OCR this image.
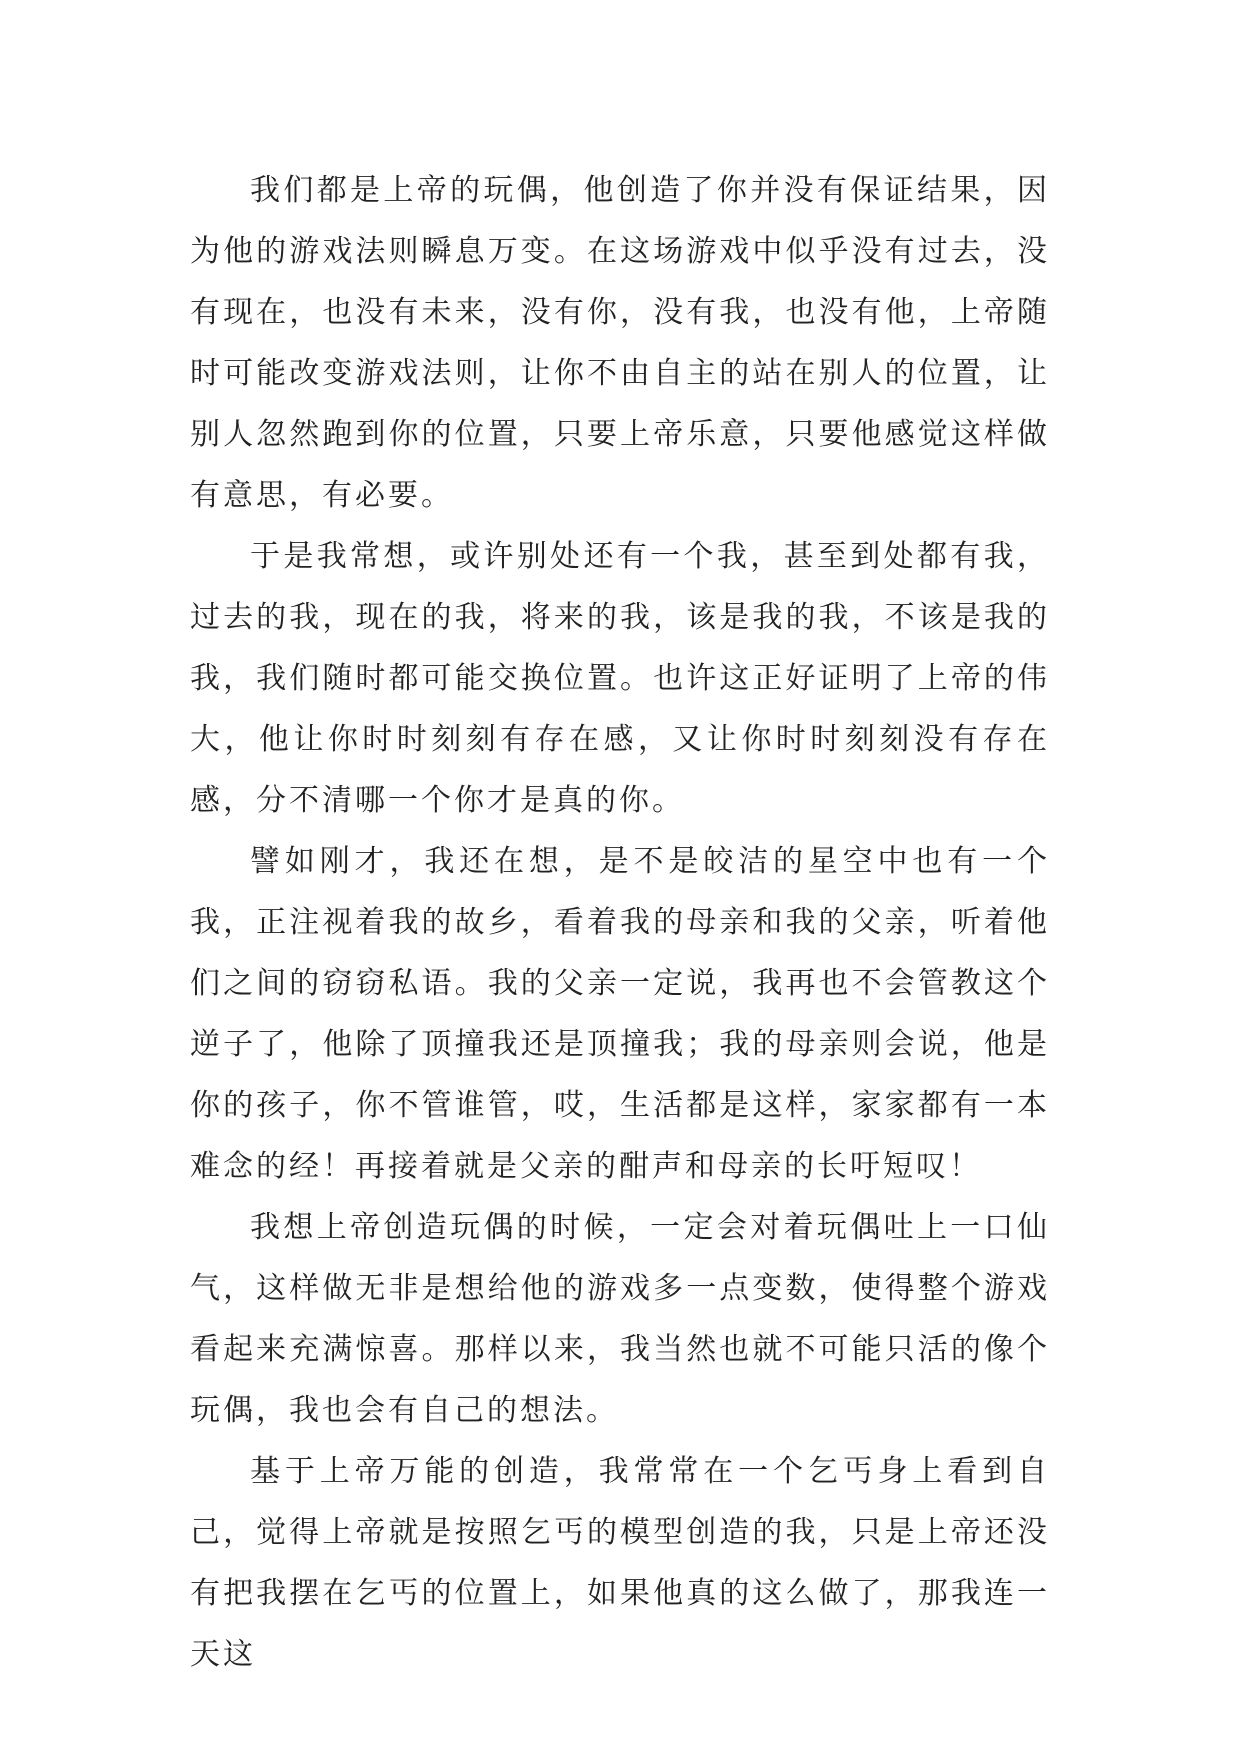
我们都是上帝的玩偶，他创造了你并没有保证结果，因为他的游戏法则瞬息万变。在这场游戏中似乎没有过去，没有现在，也没有未来，没有你，没有我，也没有他，上帝随时可能改变游戏法则，让你不由自主的站在别人的位置，让别人忽然跑到你的位置，只要上帝乐意，只要他感觉这样做有意思，有必要。

于是我常想，或许别处还有一个我，甚至到处都有我，过去的我，现在的我，将来的我，该是我的我，不该是我的我，我们随时都可能交换位置。也许这正好证明了上帝的伟大，他让你时时刻刻有存在感，又让你时时刻刻没有存在感，分不清哪一个你才是真的你。

譬如刚才，我还在想，是不是皎洁的星空中也有一个我，正注视着我的故乡，看着我的母亲和我的父亲，听着他们之间的窃窃私语。我的父亲一定说，我再也不会管教这个逆子了，他除了顶撞我还是顶撞我；我的母亲则会说，他是你的孩子，你不管谁管，哎，生活都是这样，家家都有一本难念的经！再接着就是父亲的酣声和母亲的长吁短叹！

我想上帝创造玩偶的时候，一定会对着玩偶吐上一口仙气，这样做无非是想给他的游戏多一点变数，使得整个游戏看起来充满惊喜。那样以来，我当然也就不可能只活的像个玩偶，我也会有自己的想法。

基于上帝万能的创造，我常常在一个乞丐身上看到自己，觉得上帝就是按照乞丐的模型创造的我，只是上帝还没有把我摆在乞丐的位置上，如果他真的这么做了，那我连一天这
